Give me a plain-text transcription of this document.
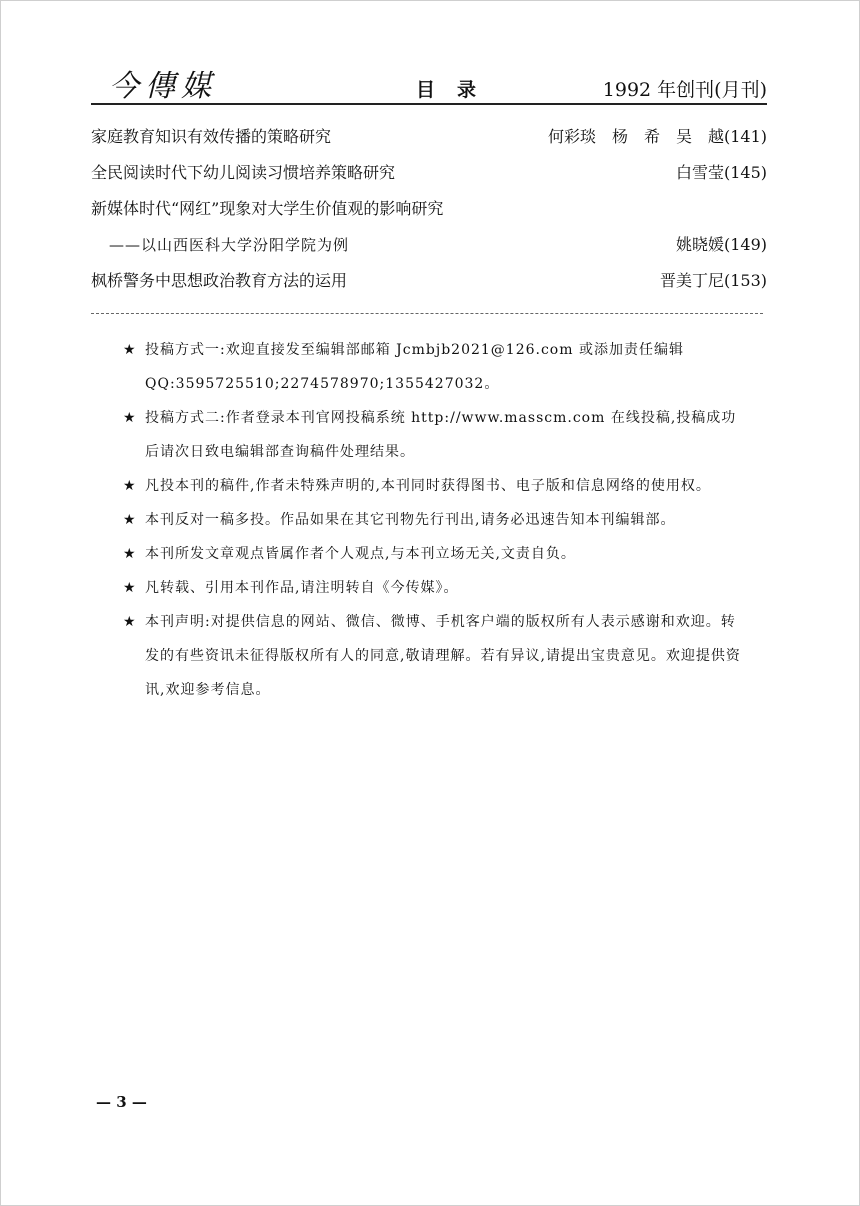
今傳媒	目录	1992 年创刊(月刊)
家庭教育知识有效传播的策略研究	何彩琰　杨　希　吴　越(141)
全民阅读时代下幼儿阅读习惯培养策略研究	白雪莹(145)
新媒体时代“网红”现象对大学生价值观的影响研究
——以山西医科大学汾阳学院为例	姚晓媛(149)
枫桥警务中思想政治教育方法的运用	晋美丁尼(153)
★ 投稿方式一:欢迎直接发至编辑部邮箱 Jcmbjb2021@126.com 或添加责任编辑 QQ:3595725510;2274578970;1355427032。
★ 投稿方式二:作者登录本刊官网投稿系统 http://www.masscm.com 在线投稿,投稿成功后请次日致电编辑部查询稿件处理结果。
★ 凡投本刊的稿件,作者未特殊声明的,本刊同时获得图书、电子版和信息网络的使用权。
★ 本刊反对一稿多投。作品如果在其它刊物先行刊出,请务必迅速告知本刊编辑部。
★ 本刊所发文章观点皆属作者个人观点,与本刊立场无关,文责自负。
★ 凡转载、引用本刊作品,请注明转自《今传媒》。
★ 本刊声明:对提供信息的网站、微信、微博、手机客户端的版权所有人表示感谢和欢迎。转发的有些资讯未征得版权所有人的同意,敬请理解。若有异议,请提出宝贵意见。欢迎提供资讯,欢迎参考信息。
— 3 —
